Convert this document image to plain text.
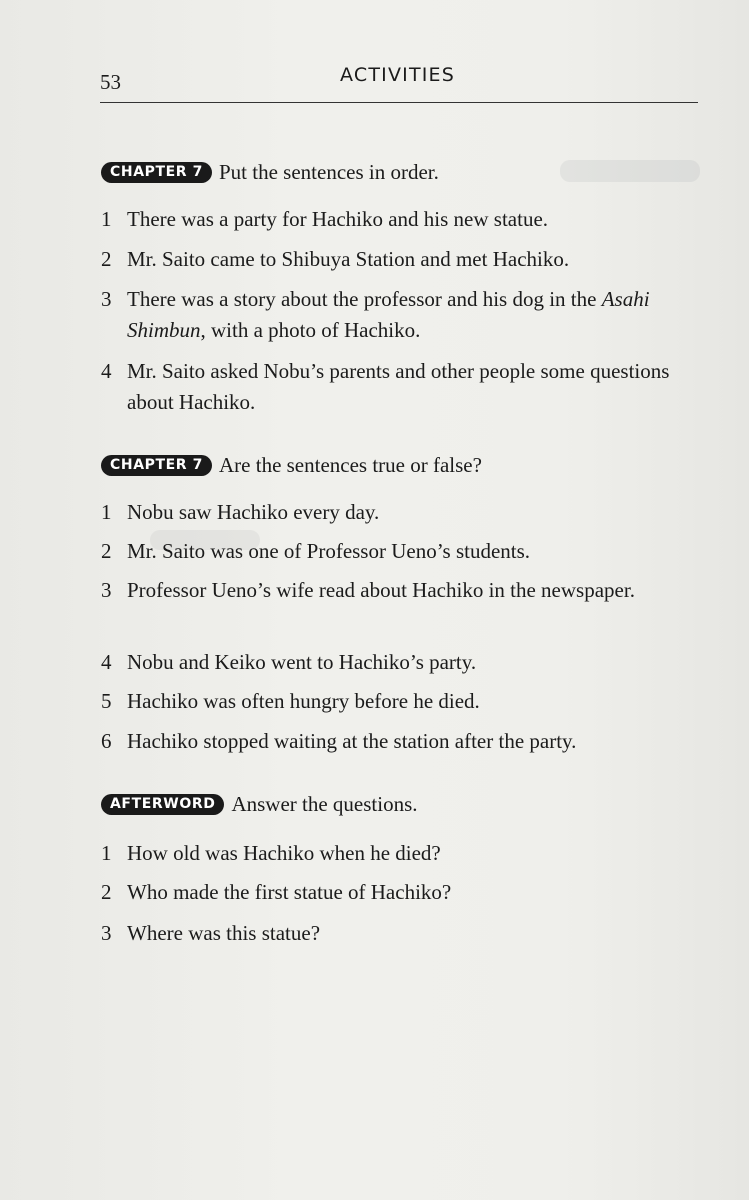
53	ACTIVITIES
CHAPTER 7 Put the sentences in order.
1 There was a party for Hachiko and his new statue.
2 Mr. Saito came to Shibuya Station and met Hachiko.
3 There was a story about the professor and his dog in the Asahi Shimbun, with a photo of Hachiko.
4 Mr. Saito asked Nobu’s parents and other people some questions about Hachiko.
CHAPTER 7 Are the sentences true or false?
1 Nobu saw Hachiko every day.
2 Mr. Saito was one of Professor Ueno’s students.
3 Professor Ueno’s wife read about Hachiko in the newspaper.
4 Nobu and Keiko went to Hachiko’s party.
5 Hachiko was often hungry before he died.
6 Hachiko stopped waiting at the station after the party.
AFTERWORD Answer the questions.
1 How old was Hachiko when he died?
2 Who made the first statue of Hachiko?
3 Where was this statue?
